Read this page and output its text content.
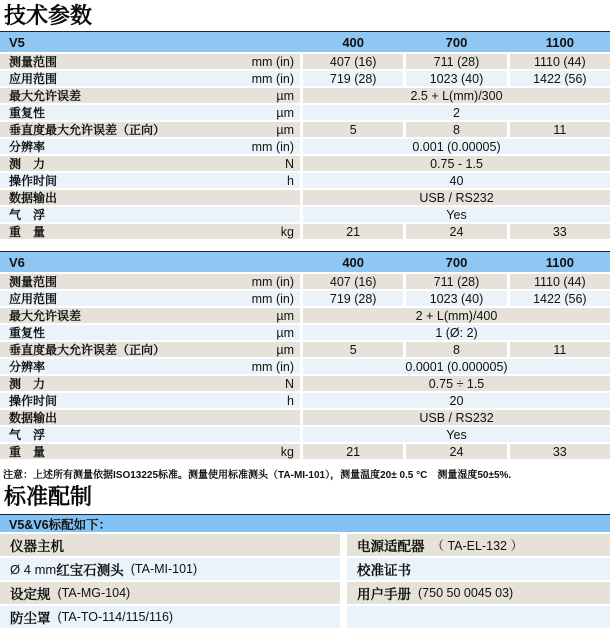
技术参数
V5	400	700	1100
测量范围	mm (in)	407 (16)	711 (28)	1110 (44)
应用范围	mm (in)	719 (28)	1023 (40)	1422 (56)
最大允许误差	µm	2.5 + L(mm)/300
重复性	µm	2
垂直度最大允许误差（正向）	µm	5	8	11
分辨率	mm (in)	0.001 (0.00005)
测　力	N	0.75 - 1.5
操作时间	h	40
数据输出	USB / RS232
气　浮	Yes
重　量	kg	21	24	33
V6	400	700	1100
测量范围	mm (in)	407 (16)	711 (28)	1110 (44)
应用范围	mm (in)	719 (28)	1023 (40)	1422 (56)
最大允许误差	µm	2 + L(mm)/400
重复性	µm	1 (Ø: 2)
垂直度最大允许误差（正向）	µm	5	8	11
分辨率	mm (in)	0.0001 (0.000005)
测　力	N	0.75 ÷ 1.5
操作时间	h	20
数据输出	USB / RS232
气　浮	Yes
重　量	kg	21	24	33
注意：上述所有测量依据ISO13225标准。测量使用标准测头（TA-MI-101），测量温度20± 0.5 °C　测量湿度50±5%.
标准配制
V5&V6标配如下：
仪器主机	电源适配器 （ TA-EL-132 ）
Ø 4 mm 红宝石测头 (TA-MI-101)	校准证书
设定规 (TA-MG-104)	用户手册 (750 50 0045 03)
防尘罩 (TA-TO-114/115/116)
